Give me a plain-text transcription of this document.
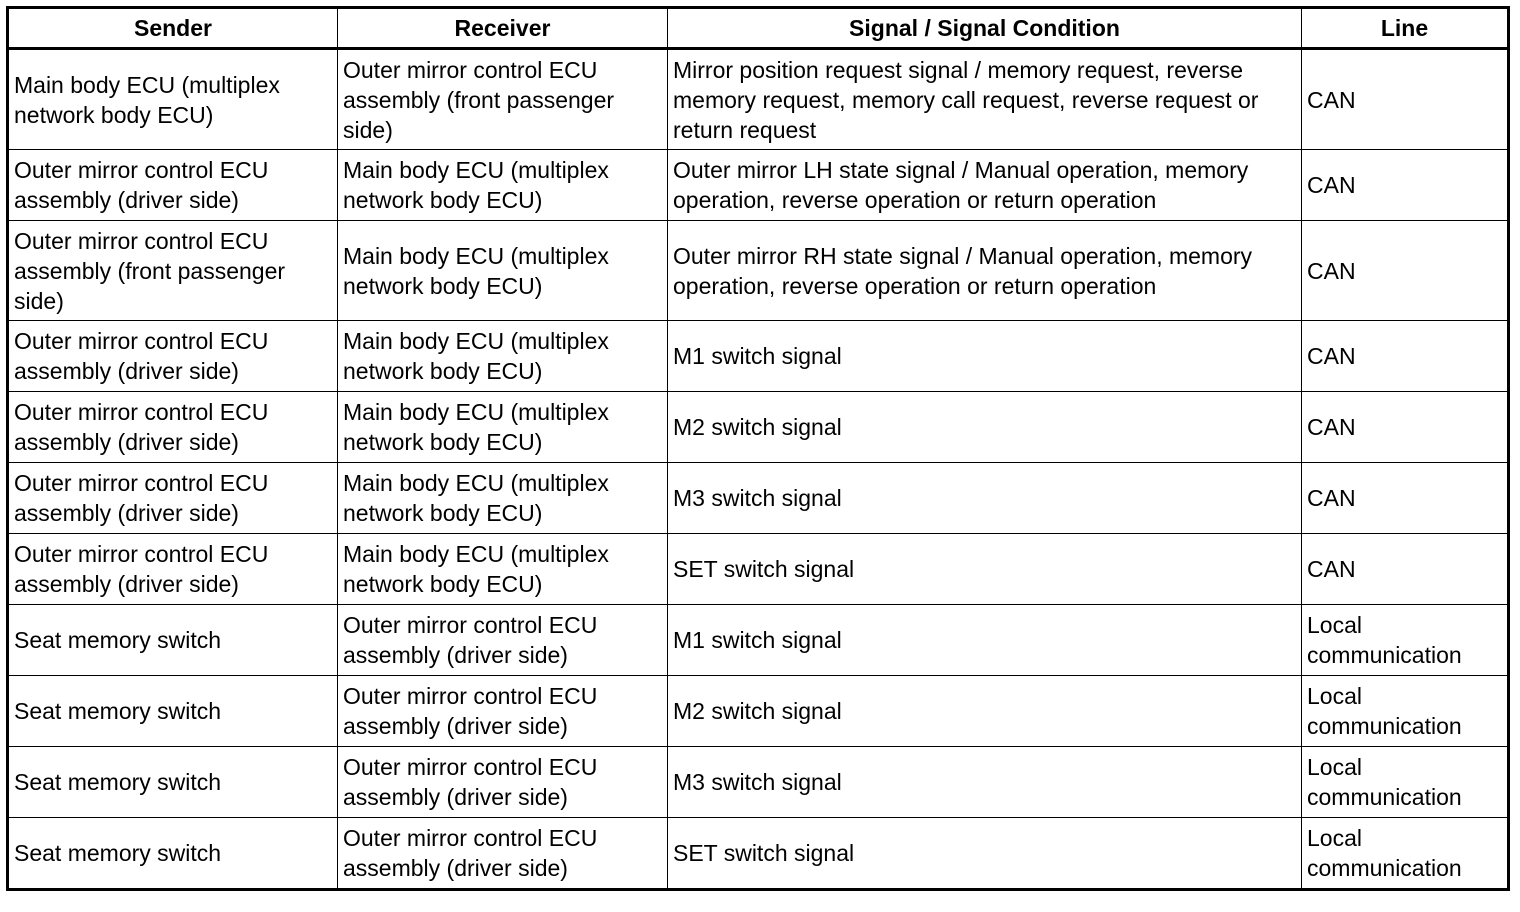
Sender	Receiver	Signal / Signal Condition	Line
Main body ECU (multiplex network body ECU)	Outer mirror control ECU assembly (front passenger side)	Mirror position request signal / memory request, reverse memory request, memory call request, reverse request or return request	CAN
Outer mirror control ECU assembly (driver side)	Main body ECU (multiplex network body ECU)	Outer mirror LH state signal / Manual operation, memory operation, reverse operation or return operation	CAN
Outer mirror control ECU assembly (front passenger side)	Main body ECU (multiplex network body ECU)	Outer mirror RH state signal / Manual operation, memory operation, reverse operation or return operation	CAN
Outer mirror control ECU assembly (driver side)	Main body ECU (multiplex network body ECU)	M1 switch signal	CAN
Outer mirror control ECU assembly (driver side)	Main body ECU (multiplex network body ECU)	M2 switch signal	CAN
Outer mirror control ECU assembly (driver side)	Main body ECU (multiplex network body ECU)	M3 switch signal	CAN
Outer mirror control ECU assembly (driver side)	Main body ECU (multiplex network body ECU)	SET switch signal	CAN
Seat memory switch	Outer mirror control ECU assembly (driver side)	M1 switch signal	Local communication
Seat memory switch	Outer mirror control ECU assembly (driver side)	M2 switch signal	Local communication
Seat memory switch	Outer mirror control ECU assembly (driver side)	M3 switch signal	Local communication
Seat memory switch	Outer mirror control ECU assembly (driver side)	SET switch signal	Local communication
